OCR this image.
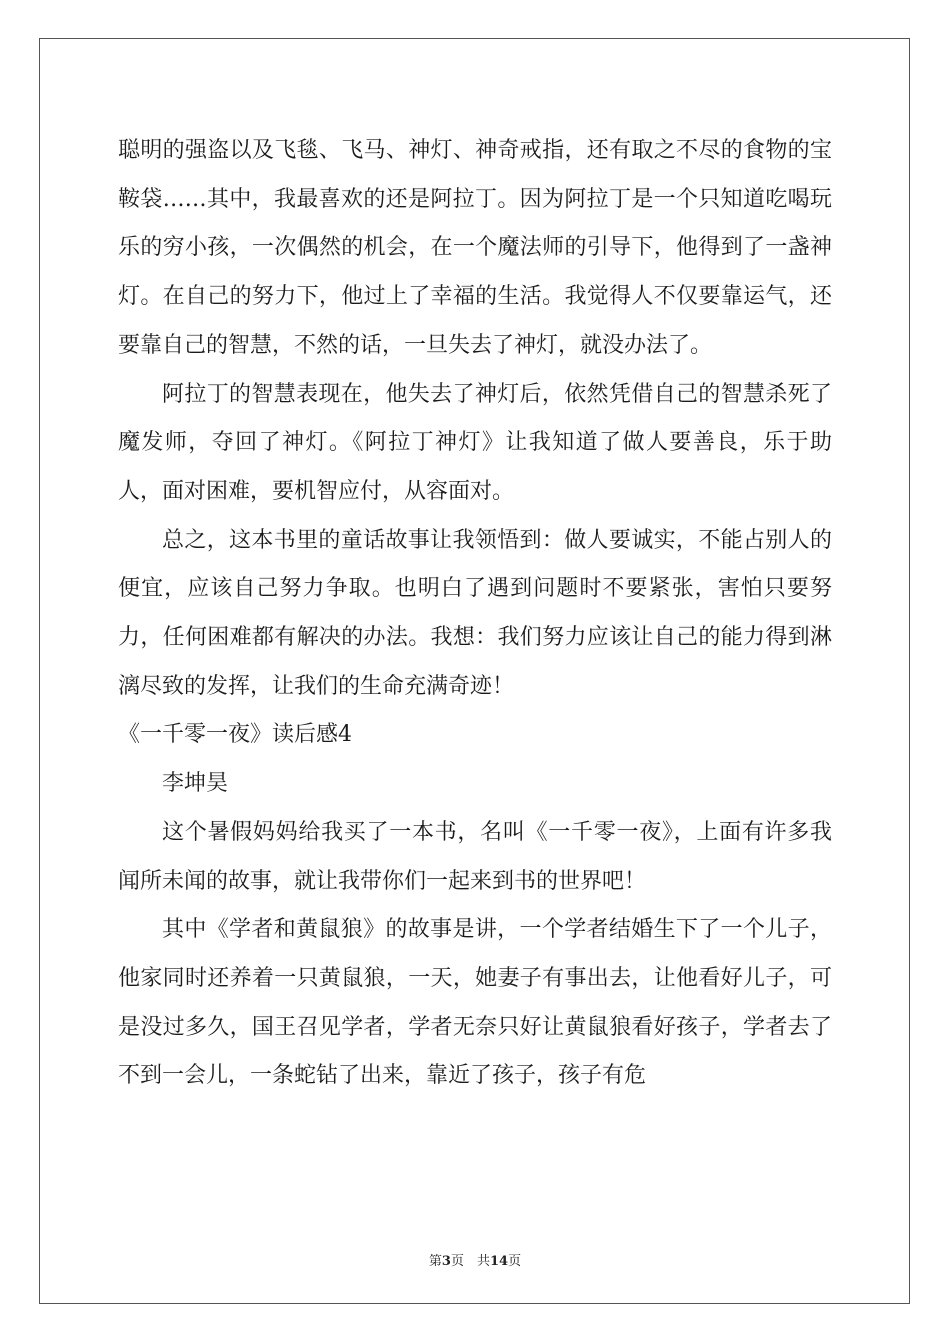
聪明的强盗以及飞毯、飞马、神灯、神奇戒指，还有取之不尽的食物的宝鞍袋……其中，我最喜欢的还是阿拉丁。因为阿拉丁是一个只知道吃喝玩乐的穷小孩，一次偶然的机会，在一个魔法师的引导下，他得到了一盏神灯。在自己的努力下，他过上了幸福的生活。我觉得人不仅要靠运气，还要靠自己的智慧，不然的话，一旦失去了神灯，就没办法了。

阿拉丁的智慧表现在，他失去了神灯后，依然凭借自己的智慧杀死了魔发师，夺回了神灯。《阿拉丁神灯》让我知道了做人要善良，乐于助人，面对困难，要机智应付，从容面对。

总之，这本书里的童话故事让我领悟到：做人要诚实，不能占别人的便宜，应该自己努力争取。也明白了遇到问题时不要紧张，害怕只要努力，任何困难都有解决的办法。我想：我们努力应该让自己的能力得到淋漓尽致的发挥，让我们的生命充满奇迹！

《一千零一夜》读后感4

李坤昊

这个暑假妈妈给我买了一本书，名叫《一千零一夜》，上面有许多我闻所未闻的故事，就让我带你们一起来到书的世界吧！

其中《学者和黄鼠狼》的故事是讲，一个学者结婚生下了一个儿子，他家同时还养着一只黄鼠狼，一天，她妻子有事出去，让他看好儿子，可是没过多久，国王召见学者，学者无奈只好让黄鼠狼看好孩子，学者去了不到一会儿，一条蛇钻了出来，靠近了孩子，孩子有危

第3页　共14页
